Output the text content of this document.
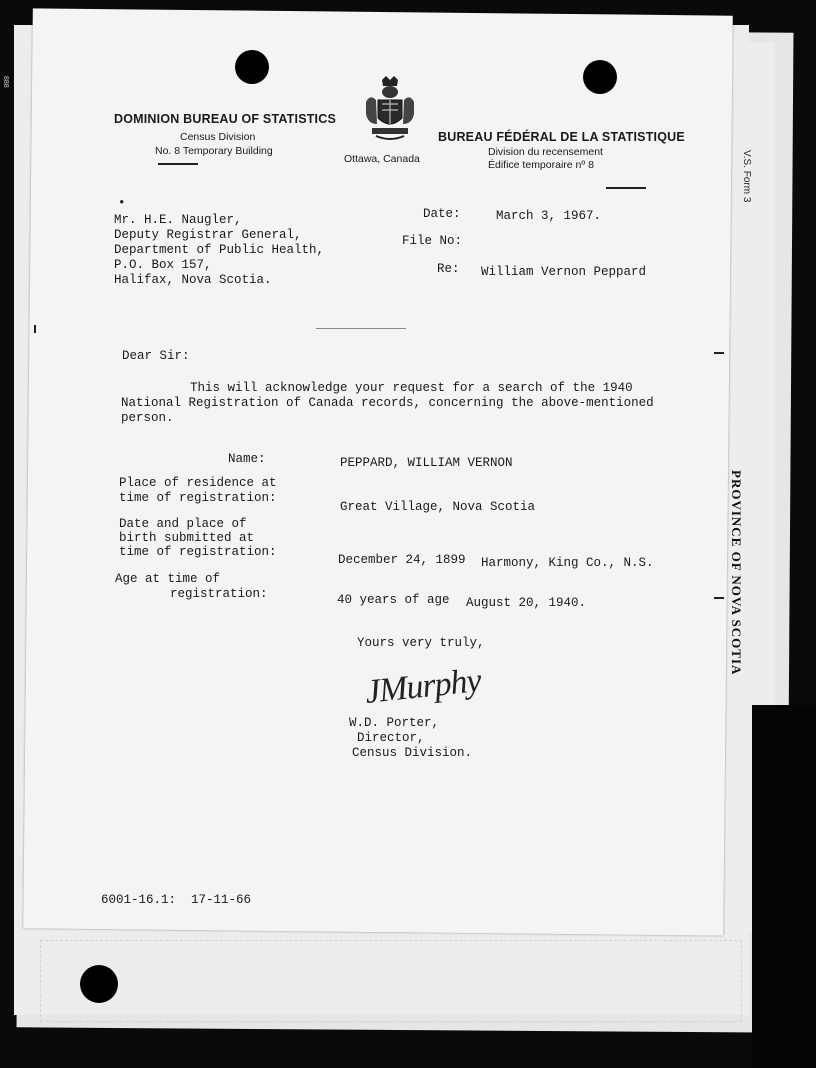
V.S. Form 3
PROVINCE OF NOVA SCOTIA
888
DOMINION BUREAU OF STATISTICS
Census Division
No. 8 Temporary Building
BUREAU FÉDÉRAL DE LA STATISTIQUE
Division du recensement
Édifice temporaire nº 8
Ottawa, Canada
•
Mr. H.E. Naugler,
Deputy Registrar General,
Department of Public Health,
P.O. Box 157,
Halifax, Nova Scotia.
Date:	March 3, 1967.
File No:
Re: William Vernon Peppard
Dear Sir:
This will acknowledge your request for a search of the 1940
National Registration of Canada records, concerning the above-mentioned
person.
Name:	PEPPARD, WILLIAM VERNON
Place of residence at
time of registration:
Great Village, Nova Scotia
Date and place of
birth submitted at
time of registration:
December 24, 1899 Harmony, King Co., N.S.
Age at time of
registration:	40 years of age August 20, 1940.
Yours very truly,
JMurphy
W.D. Porter,
Director,
Census Division.
6001-16.1:  17-11-66
